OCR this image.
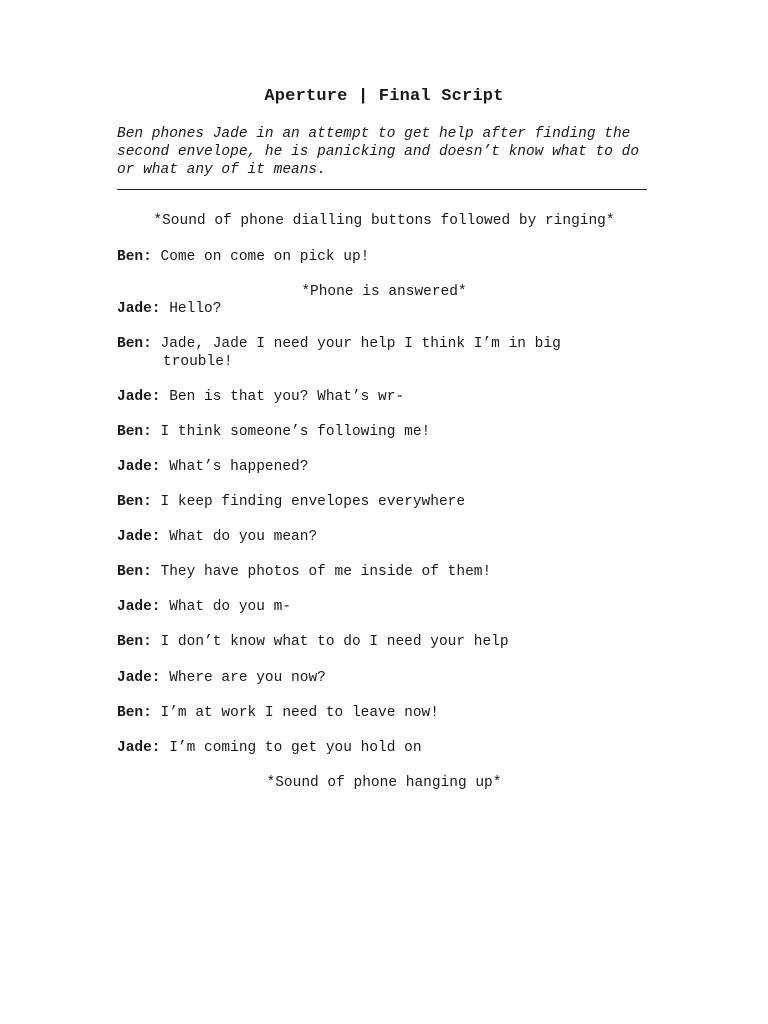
Aperture | Final Script

Ben phones Jade in an attempt to get help after finding the second envelope, he is panicking and doesn’t know what to do or what any of it means.

*Sound of phone dialling buttons followed by ringing*

Ben: Come on come on pick up!

*Phone is answered*

Jade: Hello?

Ben: Jade, Jade I need your help I think I’m in big
trouble!

Jade: Ben is that you? What’s wr-

Ben: I think someone’s following me!

Jade: What’s happened?

Ben: I keep finding envelopes everywhere

Jade: What do you mean?

Ben: They have photos of me inside of them!

Jade: What do you m-

Ben: I don’t know what to do I need your help

Jade: Where are you now?

Ben: I’m at work I need to leave now!

Jade: I’m coming to get you hold on

*Sound of phone hanging up*
